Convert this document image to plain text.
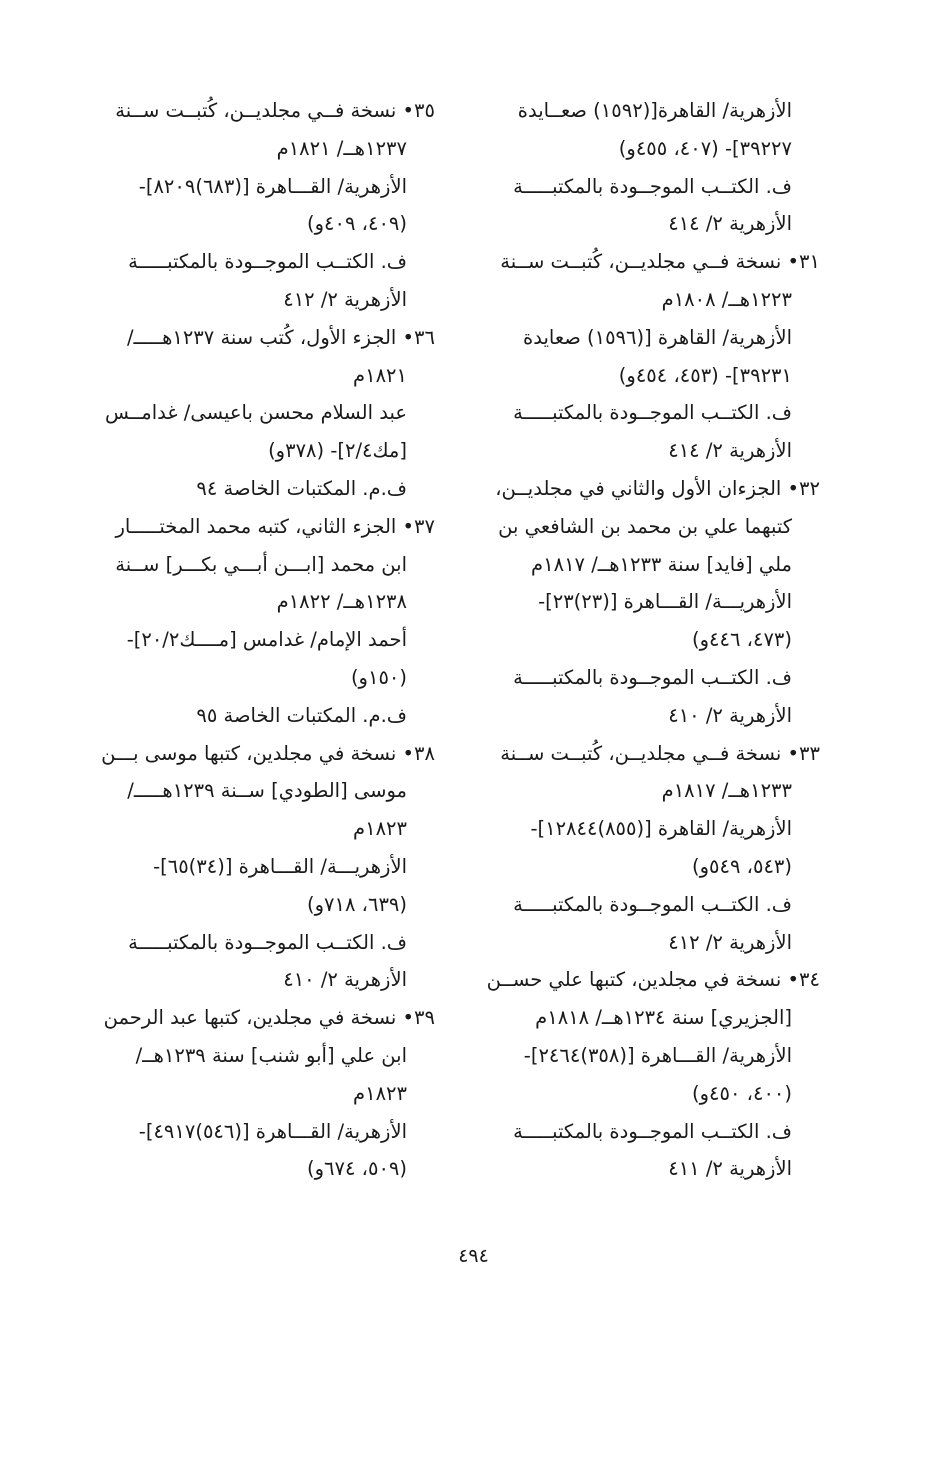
الأزهرية/ القاهرة[(١٥٩٢) صعــايدة
٣٩٢٢٧]- (٤٠٧، ٤٥٥و)
ف. الكتــب الموجــودة بالمكتبـــــة
الأزهرية ٢/ ٤١٤
٣١• نسخة فــي مجلديــن، كُتبــت ســنة
١٢٢٣هــ/ ١٨٠٨م
الأزهرية/ القاهرة [(١٥٩٦) صعايدة
٣٩٢٣١]- (٤٥٣، ٤٥٤و)
ف. الكتــب الموجــودة بالمكتبـــــة
الأزهرية ٢/ ٤١٤
٣٢• الجزءان الأول والثاني في مجلديــن،
كتبهما علي بن محمد بن الشافعي بن
ملي [فايد] سنة ١٢٣٣هــ/ ١٨١٧م
الأزهريـــة/ القـــاهرة [(٢٣)٢٣]-
(٤٧٣، ٤٤٦و)
ف. الكتــب الموجــودة بالمكتبـــــة
الأزهرية ٢/ ٤١٠
٣٣• نسخة فــي مجلديــن، كُتبــت ســنة
١٢٣٣هــ/ ١٨١٧م
الأزهرية/ القاهرة [(٨٥٥)١٢٨٤٤]-
(٥٤٣، ٥٤٩و)
ف. الكتــب الموجــودة بالمكتبـــــة
الأزهرية ٢/ ٤١٢
٣٤• نسخة في مجلدين، كتبها علي حســن
[الجزيري] سنة ١٢٣٤هــ/ ١٨١٨م
الأزهرية/ القـــاهرة [(٣٥٨)٢٤٦٤]-
(٤٠٠، ٤٥٠و)
ف. الكتــب الموجــودة بالمكتبـــــة
الأزهرية ٢/ ٤١١
٣٥• نسخة فــي مجلديــن، كُتبــت ســنة
١٢٣٧هــ/ ١٨٢١م
الأزهرية/ القـــاهرة [(٦٨٣)٨٢٠٩]-
(٤٠٩، ٤٠٩و)
ف. الكتــب الموجــودة بالمكتبـــــة
الأزهرية ٢/ ٤١٢
٣٦• الجزء الأول، كُتب سنة ١٢٣٧هـــــ/
١٨٢١م
عبد السلام محسن باعيسى/ غدامــس
[مك٢/٤]- (٣٧٨و)
ف.م. المكتبات الخاصة ٩٤
٣٧• الجزء الثاني، كتبه محمد المختـــــار
ابن محمد [ابـــن أبـــي بكـــر] ســنة
١٢٣٨هــ/ ١٨٢٢م
أحمد الإمام/ غدامس [مــــك٢٠/٢]-
(١٥٠و)
ف.م. المكتبات الخاصة ٩٥
٣٨• نسخة في مجلدين، كتبها موسى بـــن
موسى [الطودي] ســنة ١٢٣٩هـــــ/
١٨٢٣م
الأزهريـــة/ القـــاهرة [(٣٤)٦٥]-
(٦٣٩، ٧١٨و)
ف. الكتــب الموجــودة بالمكتبـــــة
الأزهرية ٢/ ٤١٠
٣٩• نسخة في مجلدين، كتبها عبد الرحمن
ابن علي [أبو شنب] سنة ١٢٣٩هــ/
١٨٢٣م
الأزهرية/ القـــاهرة [(٥٤٦)٤٩١٧]-
(٥٠٩، ٦٧٤و)
٤٩٤
